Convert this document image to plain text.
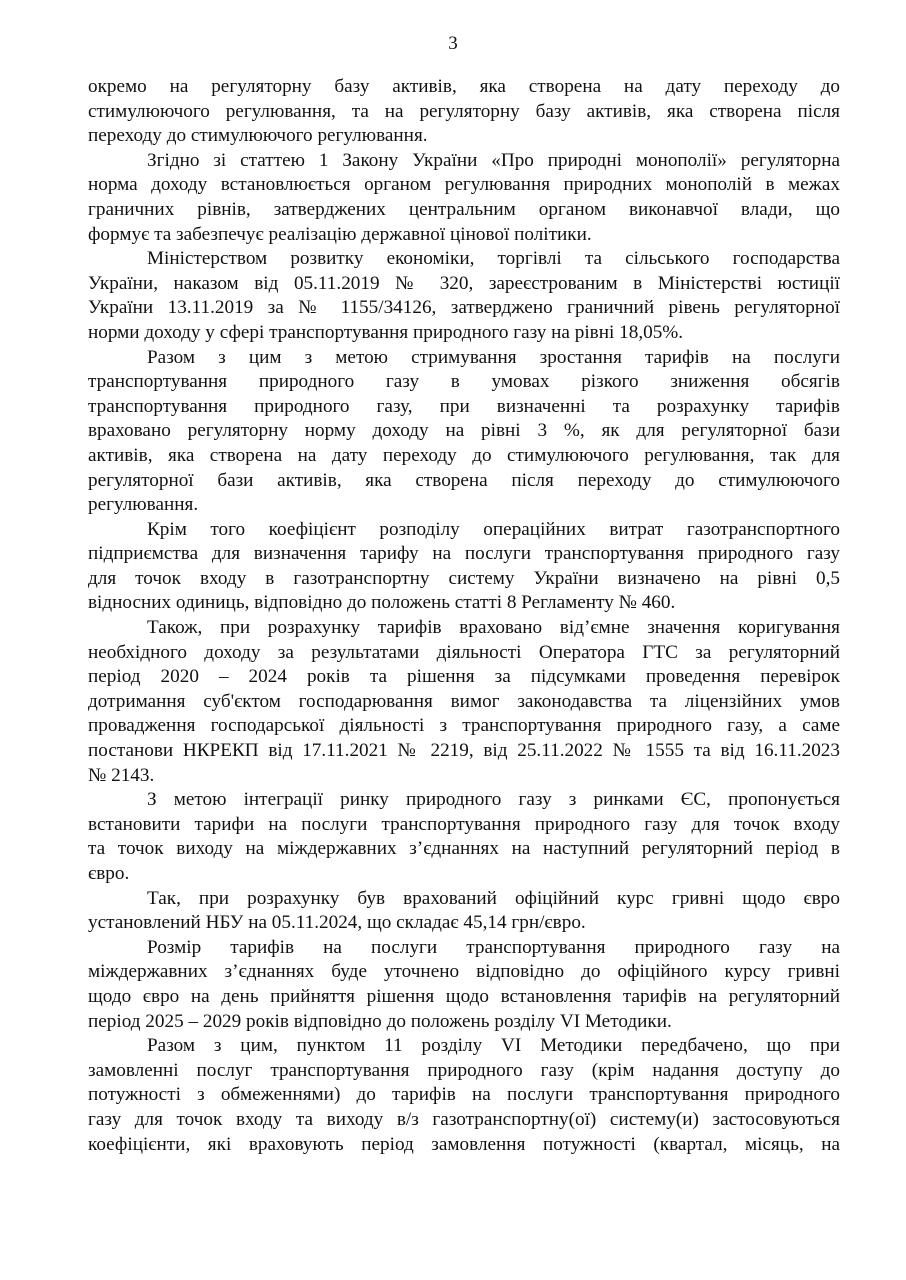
3
окремо на регуляторну базу активів, яка створена на дату переходу до
стимулюючого регулювання, та на регуляторну базу активів, яка створена після
переходу до стимулюючого регулювання.
Згідно зі статтею 1 Закону України «Про природні монополії» регуляторна
норма доходу встановлюється органом регулювання природних монополій в межах
граничних рівнів, затверджених центральним органом виконавчої влади, що
формує та забезпечує реалізацію державної цінової політики.
Міністерством розвитку економіки, торгівлі та сільського господарства
України, наказом від 05.11.2019 № 320, зареєстрованим в Міністерстві юстиції
України 13.11.2019 за № 1155/34126, затверджено граничний рівень регуляторної
норми доходу у сфері транспортування природного газу на рівні 18,05%.
Разом з цим з метою стримування зростання тарифів на послуги
транспортування природного газу в умовах різкого зниження обсягів
транспортування природного газу, при визначенні та розрахунку тарифів
враховано регуляторну норму доходу на рівні 3 %, як для регуляторної бази
активів, яка створена на дату переходу до стимулюючого регулювання, так для
регуляторної бази активів, яка створена після переходу до стимулюючого
регулювання.
Крім того коефіцієнт розподілу операційних витрат газотранспортного
підприємства для визначення тарифу на послуги транспортування природного газу
для точок входу в газотранспортну систему України визначено на рівні 0,5
відносних одиниць, відповідно до положень статті 8 Регламенту № 460.
Також, при розрахунку тарифів враховано від’ємне значення коригування
необхідного доходу за результатами діяльності Оператора ГТС за регуляторний
період 2020 – 2024 років та рішення за підсумками проведення перевірок
дотримання суб'єктом господарювання вимог законодавства та ліцензійних умов
провадження господарської діяльності з транспортування природного газу, а саме
постанови НКРЕКП від 17.11.2021 № 2219, від 25.11.2022 № 1555 та від 16.11.2023
№ 2143.
З метою інтеграції ринку природного газу з ринками ЄС, пропонується
встановити тарифи на послуги транспортування природного газу для точок входу
та точок виходу на міждержавних з’єднаннях на наступний регуляторний період в
євро.
Так, при розрахунку був врахований офіційний курс гривні щодо євро
установлений НБУ на 05.11.2024, що складає 45,14 грн/євро.
Розмір тарифів на послуги транспортування природного газу на
міждержавних з’єднаннях буде уточнено відповідно до офіційного курсу гривні
щодо євро на день прийняття рішення щодо встановлення тарифів на регуляторний
період 2025 – 2029 років відповідно до положень розділу VI Методики.
Разом з цим, пунктом 11 розділу VI Методики передбачено, що при
замовленні послуг транспортування природного газу (крім надання доступу до
потужності з обмеженнями) до тарифів на послуги транспортування природного
газу для точок входу та виходу в/з газотранспортну(ої) систему(и) застосовуються
коефіцієнти, які враховують період замовлення потужності (квартал, місяць, на
